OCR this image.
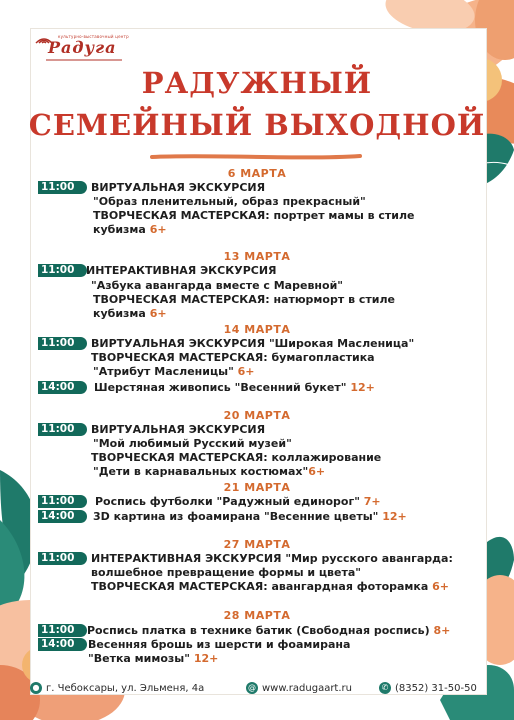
культурно-выставочный центр
Радуга
РАДУЖНЫЙ
СЕМЕЙНЫЙ ВЫХОДНОЙ
6 МАРТА
11:00	ВИРТУАЛЬНАЯ ЭКСКУРСИЯ
"Образ пленительный, образ прекрасный"
ТВОРЧЕСКАЯ МАСТЕРСКАЯ: портрет мамы в стиле
кубизма 6+
13 МАРТА
11:00	ИНТЕРАКТИВНАЯ ЭКСКУРСИЯ
"Азбука авангарда вместе с Маревной"
ТВОРЧЕСКАЯ МАСТЕРСКАЯ: натюрморт в стиле
кубизма 6+
14 МАРТА
11:00	ВИРТУАЛЬНАЯ ЭКСКУРСИЯ "Широкая Масленица"
ТВОРЧЕСКАЯ МАСТЕРСКАЯ: бумагопластика
"Атрибут Масленицы" 6+
14:00	Шерстяная живопись "Весенний букет" 12+
20 МАРТА
11:00	ВИРТУАЛЬНАЯ ЭКСКУРСИЯ
"Мой любимый Русский музей"
ТВОРЧЕСКАЯ МАСТЕРСКАЯ: коллажирование
"Дети в карнавальных костюмах"6+
21 МАРТА
11:00	Роспись футболки "Радужный единорог" 7+
14:00	3D картина из фоамирана "Весенние цветы" 12+
27 МАРТА
11:00	ИНТЕРАКТИВНАЯ ЭКСКУРСИЯ "Мир русского авангарда:
волшебное превращение формы и цвета"
ТВОРЧЕСКАЯ МАСТЕРСКАЯ: авангардная фоторамка 6+
28 МАРТА
11:00	Роспись платка в технике батик (Свободная роспись) 8+
14:00	Весенняя брошь из шерсти и фоамирана
"Ветка мимозы" 12+
● г. Чебоксары, ул. Эльменя, 4а	@ www.radugaart.ru	✆ (8352) 31-50-50
